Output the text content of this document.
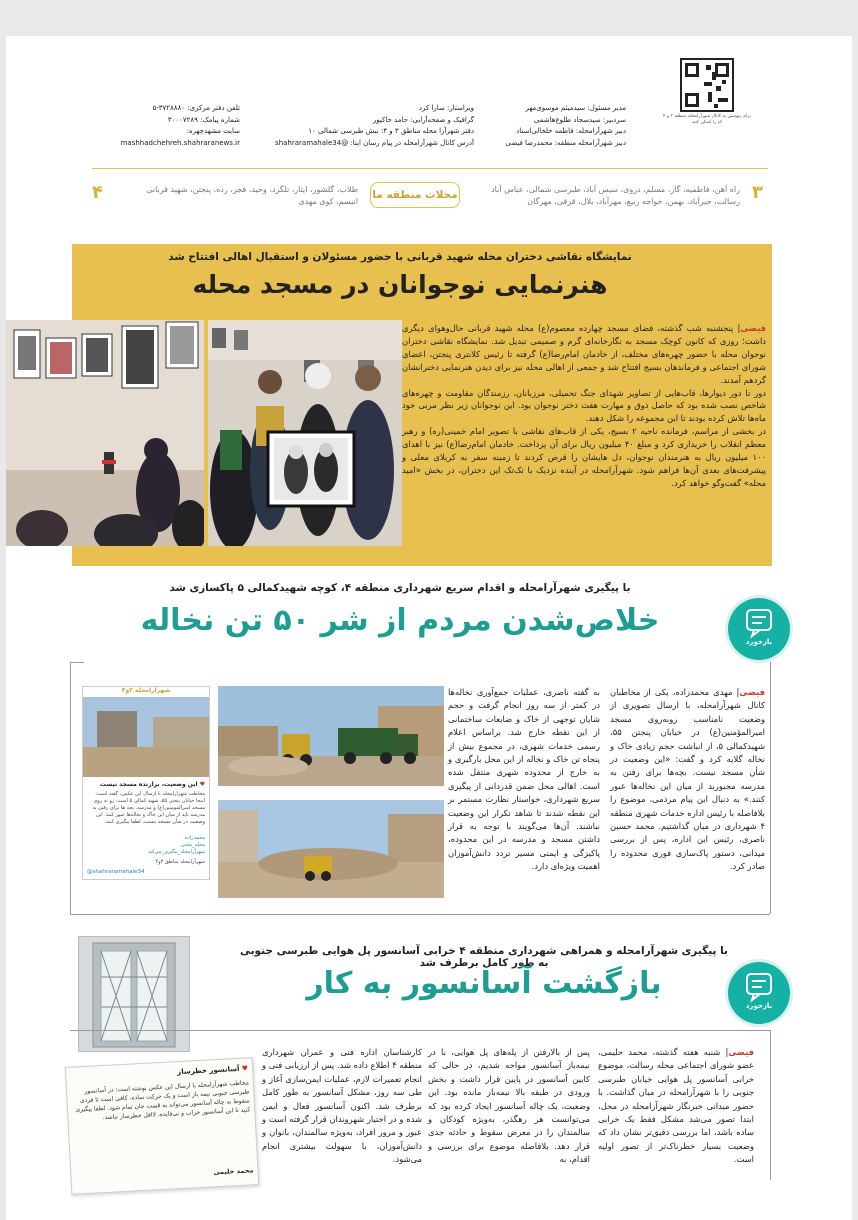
برای پیوستن به کانال شهرآرامحله منطقه ۳ و ۴ کد را اسکن کنید
مدیر مسئول: سیدمیثم موسوی‌مهر
سردبیر: سیدسجاد طلوع‌هاشمی
دبیر شهرآرامحله: فاطمه خلخالی‌استاد
دبیر شهرآرامحله منطقه: محمدرضا فیضی
ویراستار: سارا کرد
گرافیک و صفحه‌آرایی: حامد خاکپور
دفتر شهرآرا محله مناطق ۳ و ۴: نبش طبرسی شمالی ۱۰
آدرس کانال شهرآرامحله در پیام رسان ایتا: @shahraramahale34
تلفن دفتر مرکزی: ۳۷۲۸۸۸۰-۵
شماره پیامک: ۳۰۰۰۷۲۸۹
سایت مشهدچهره:
mashhadchehreh.shahraranews.ir
۳
راه آهن، فاطمیه، گاز، مسلم، دروی، سیس آباد، طبرسی شمالی، عباس آباد
رسالت، خیرآباد، بهمن، خواجه ربیع، مهرآباد، بلال، قرقی، مهرگان
محلات منطقه ما
۴	طلاب، گلشور، ایثار، تلگرد، وحید، فجر، رده، پنجتن، شهید قربانی
انیسم، کوی مهدی
نمایشگاه نقاشی دختران محله شهید قربانی با حضور مسئولان و استقبال اهالی افتتاح شد
هنرنمایی نوجوانان در مسجد محله

فیضی| پنجشنبه شب گذشته، فضای مسجد چهارده معصوم(ع) محله شهید قربانی حال‌وهوای دیگری داشت؛ روزی که کانون کوچک مسجد به نگارخانه‌ای گرم و صمیمی تبدیل شد. نمایشگاه نقاشی دختران نوجوان محله با حضور چهره‌های مختلف، از خادمان امام‌رضا(ع) گرفته تا رئیس کلانتری پنجتن، اعضای شورای اجتماعی و فرماندهان بسیج افتتاح شد و جمعی از اهالی محله نیز برای دیدن هنرنمایی دخترانشان گردهم آمدند.

دور تا دور دیوارها، قاب‌هایی از تصاویر شهدای جنگ تحمیلی، مرزبانان، رزمندگان مقاومت و چهره‌های شاخص نصب شده بود که حاصل ذوق و مهارت هفت دختر نوجوان بود. این نوجوانان زیر نظر مربی خود ماه‌ها تلاش کرده بودند تا این مجموعه را شکل دهند.

در بخشی از مراسم، فرمانده ناحیه ۲ بسیج، یکی از قاب‌های نقاشی با تصویر امام خمینی(ره) و رهبر معظم انقلاب را خریداری کرد و مبلغ ۴۰ میلیون ریال برای آن پرداخت. خادمان امام‌رضا(ع) نیز با اهدای ۱۰۰ میلیون ریال به هنرمندان نوجوان، دل هایشان را قرص کردند تا زمینه سفر به کربلای معلی و پیشرفت‌های بعدی آن‌ها فراهم شود. شهرآرامحله در آینده نزدیک با تک‌تک این دختران، در بخش «امید محله» گفت‌وگو خواهد کرد.

با پیگیری شهرآرامحله و اقدام سریع شهرداری منطقه ۴، کوچه شهیدکمالی ۵ پاکسازی شد
خلاص‌شدن مردم از شر ۵۰ تن نخاله
بازخورد
فیضی| مهدی محمدزاده، یکی از مخاطبان کانال شهرآرامحله، با ارسال تصویری از وضعیت نامناسب روبه‌روی مسجد امیرالمؤمنین(ع) در خیابان پنجتن ۵۵، شهیدکمالی ۵، از انباشت حجم زیادی خاک و نخاله گلایه کرد و گفت: «این وضعیت در شأن مسجد نیست. بچه‌ها برای رفتن به مدرسه مجبورند از میان این نخاله‌ها عبور کنند.» به دنبال این پیام مردمی، موضوع را بلافاصله با رئیس اداره خدمات شهری منطقه ۴ شهرداری در میان گذاشتیم. محمد حسین ناصری، رئیس این اداره، پس از بررسی میدانی، دستور پاک‌سازی فوری محدوده را صادر کرد.
به گفته ناصری، عملیات جمع‌آوری نخاله‌ها در کمتر از سه روز انجام گرفت و حجم شایان توجهی از خاک و ضایعات ساختمانی از این نقطه خارج شد. براساس اعلام رسمی خدمات شهری، در مجموع بیش از پنجاه تن خاک و نخاله از این محل بارگیری و به خارج از محدوده شهری منتقل شده است. اهالی محل ضمن قدردانی از پیگیری سریع شهرداری، خواستار نظارت مستمر بر این نقطه شدند تا شاهد تکرار این وضعیت نباشند. آن‌ها می‌گویند با توجه به قرار داشتن مسجد و مدرسه در این محدوده، پاکیزگی و ایمنی مسیر تردد دانش‌آموزان اهمیت ویژه‌ای دارد.
شهرآرامحله ۳و۴
♥ این وضعیت، برازنده مسجد نیست
مخاطب شهرآرامحله با ارسال این عکس، گفته است: اینجا خیابان پنجتن ۵۵، شهید کمالی ۵ است، رو به روی مسجد امیرالمومنین(ع) و مدرسه. بچه ها برای رفتن به مدرسه باید از میان این خاک و نخاله‌ها عبور کنند. این وضعیت در شأن مسجد نیست، لطفا پیگیری کنید.
محمدزاده
محله_پنجتن
شهرآرامحله_پیگیری_می‌کند
شهرآرامحله مناطق ۳و۴
@shahraramahale34
با پیگیری شهرآرامحله و همراهی شهرداری منطقه ۴ خرابی آسانسور پل هوایی طبرسی جنوبی به طور کامل برطرف شد
بازگشت آسانسور به کار
بازخورد
فیضی| شنبه هفته گذشته، محمد حلیمی، عضو شورای اجتماعی محله رسالت، موضوع خرابی آسانسور پل هوایی خیابان طبرسی جنوبی را با شهرآرامحله در میان گذاشت. با حضور میدانی خبرنگار شهرآرامحله در محل، ابتدا تصور می‌شد مشکل فقط یک خرابی ساده باشد، اما بررسی دقیق‌تر نشان داد که وضعیت بسیار خطرناک‌تر از تصور اولیه است.
پس از بالارفتن از پله‌های پل هوایی، با در نیمه‌باز آسانسور مواجه شدیم، در حالی که کابین آسانسور در پایین قرار داشت و بخش ورودی در طبقه بالا نیمه‌باز مانده بود. این وضعیت، یک چاله آسانسور ایجاد کرده بود که می‌توانست هر رهگذر، به‌ویژه کودکان و سالمندان را در معرض سقوط و حادثه جدی قرار دهد. بلافاصله موضوع برای بررسی و اقدام، به
کارشناسان اداره فنی و عمران شهرداری منطقه ۴ اطلاع داده شد. پس از ارزیابی فنی و انجام تعمیرات لازم، عملیات ایمن‌سازی آغاز و طی سه روز، مشکل آسانسور به طور کامل برطرف شد. اکنون آسانسور فعال و ایمن شده و در اختیار شهروندان قرار گرفته است و عبور و مرور افراد، به‌ویژه سالمندان، بانوان و دانش‌آموزان، با سهولت بیشتری انجام می‌شود.
♥ آسانسور خطرساز
مخاطب شهرآرامحله با ارسال این عکس نوشته است: در آسانسور طبرسی جنوبی نیمه باز است و یک حرکت ساده، کافی است تا فردی سقوط به چاله آسانسور می‌تواند به قیمت جان تمام شود. لطفا پیگیری کنید تا این آسانسور خراب و بی‌فایده، لااقل خطرساز نباشد.
محمد حلیمی
